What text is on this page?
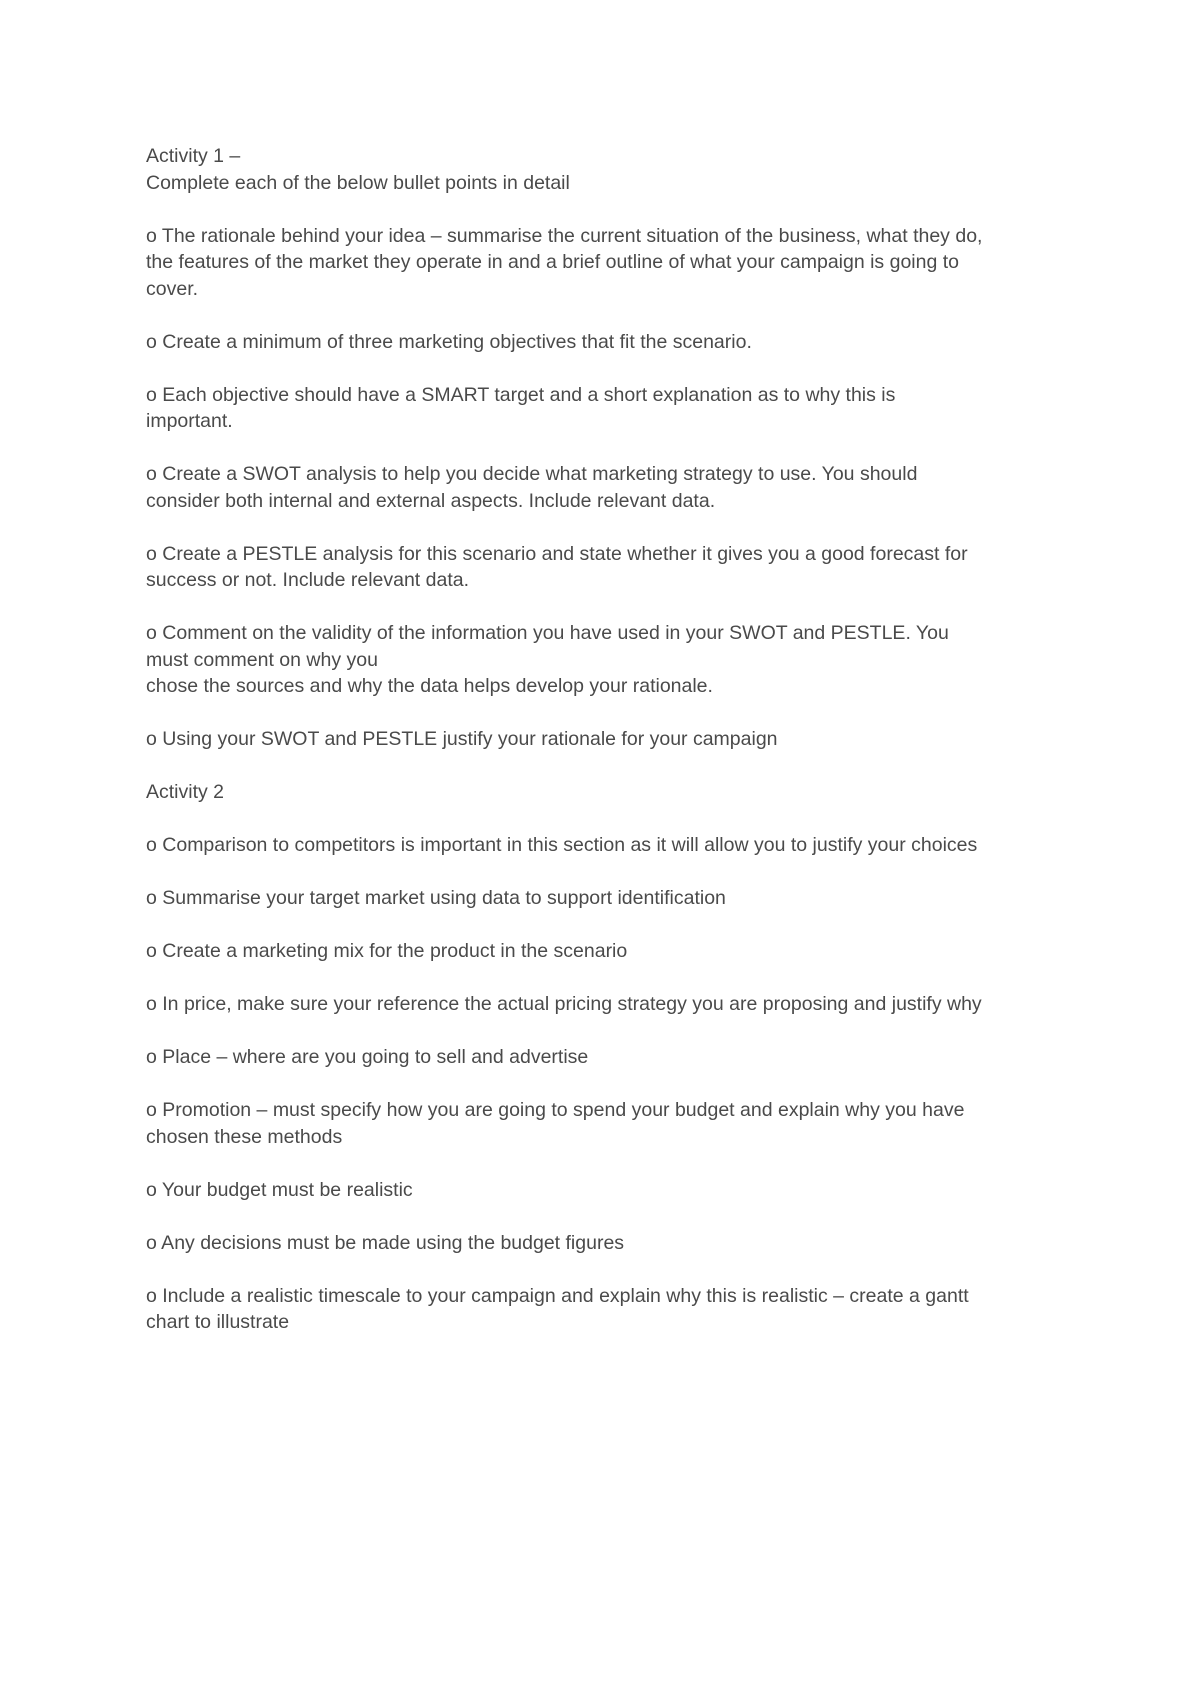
Activity 1 –

Complete each of the below bullet points in detail

o The rationale behind your idea – summarise the current situation of the business, what they do,
the features of the market they operate in and a brief outline of what your campaign is going to
cover.
o Create a minimum of three marketing objectives that fit the scenario.
o Each objective should have a SMART target and a short explanation as to why this is
important.
o Create a SWOT analysis to help you decide what marketing strategy to use. You should
consider both internal and external aspects. Include relevant data.
o Create a PESTLE analysis for this scenario and state whether it gives you a good forecast for
success or not. Include relevant data.
o Comment on the validity of the information you have used in your SWOT and PESTLE. You
must comment on why you
chose the sources and why the data helps develop your rationale.
o Using your SWOT and PESTLE justify your rationale for your campaign

Activity 2

o Comparison to competitors is important in this section as it will allow you to justify your choices
o Summarise your target market using data to support identification
o Create a marketing mix for the product in the scenario
o In price, make sure your reference the actual pricing strategy you are proposing and justify why
o Place – where are you going to sell and advertise
o Promotion – must specify how you are going to spend your budget and explain why you have
chosen these methods
o Your budget must be realistic
o Any decisions must be made using the budget figures
o Include a realistic timescale to your campaign and explain why this is realistic – create a gantt
chart to illustrate
